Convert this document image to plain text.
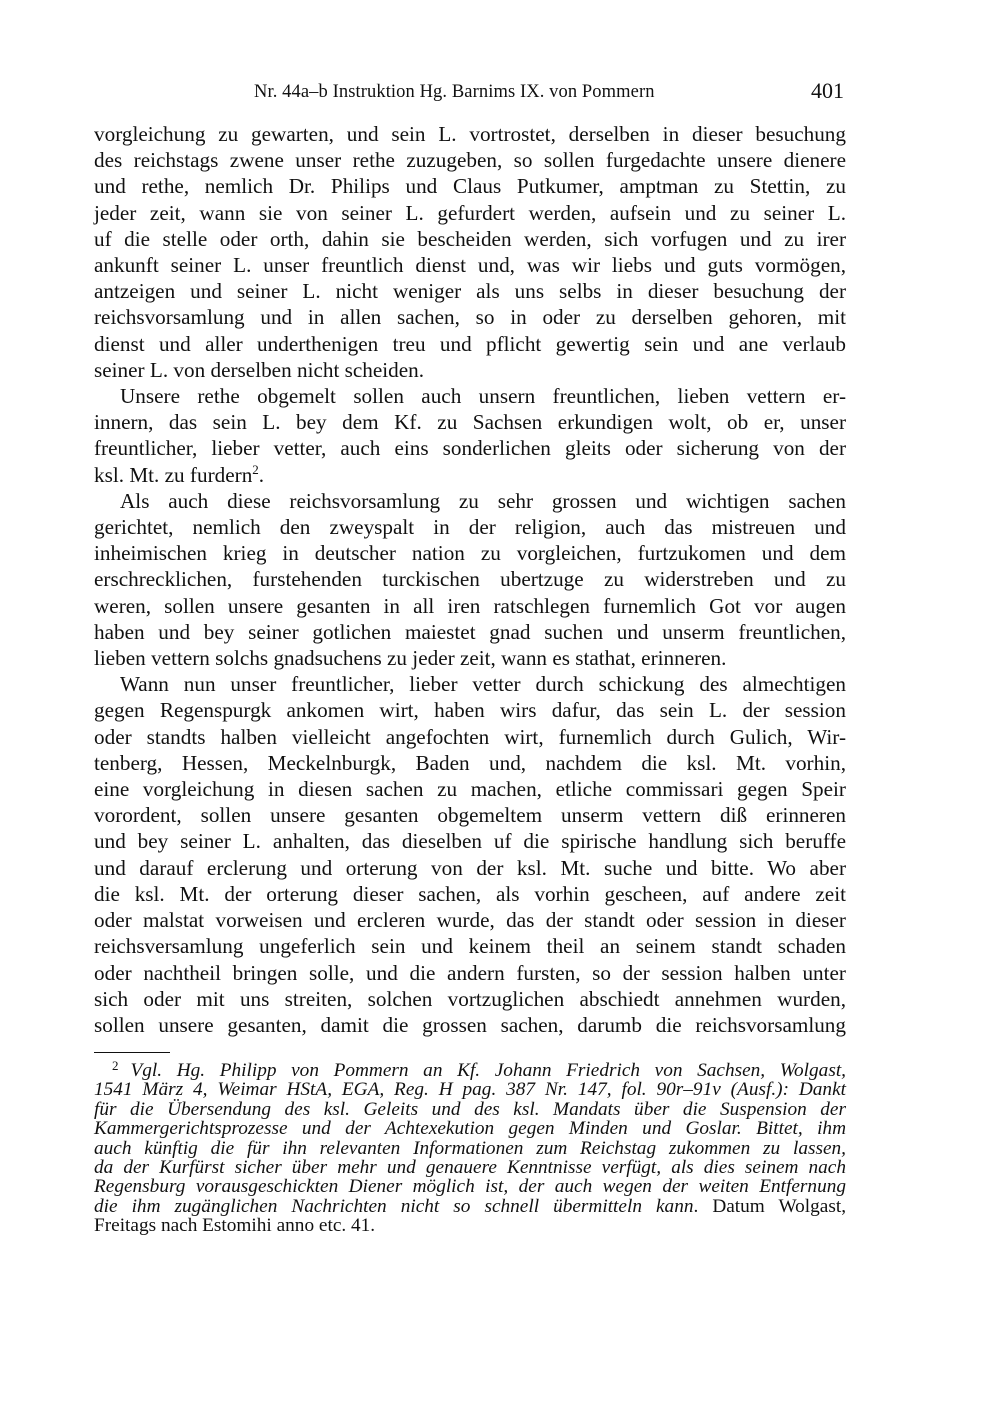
Nr. 44a–b Instruktion Hg. Barnims IX. von Pommern	401

vorgleichung zu gewarten, und sein L. vortrostet, derselben in dieser besuchung
des reichstags zwene unser rethe zuzugeben, so sollen furgedachte unsere dienere
und rethe, nemlich Dr. Philips und Claus Putkumer, amptman zu Stettin, zu
jeder zeit, wann sie von seiner L. gefurdert werden, aufsein und zu seiner L.
uf die stelle oder orth, dahin sie bescheiden werden, sich vorfugen und zu irer
ankunft seiner L. unser freuntlich dienst und, was wir liebs und guts vormögen,
antzeigen und seiner L. nicht weniger als uns selbs in dieser besuchung der
reichsvorsamlung und in allen sachen, so in oder zu derselben gehoren, mit
dienst und aller underthenigen treu und pflicht gewertig sein und ane verlaub
seiner L. von derselben nicht scheiden.

Unsere rethe obgemelt sollen auch unsern freuntlichen, lieben vettern er-
innern, das sein L. bey dem Kf. zu Sachsen erkundigen wolt, ob er, unser
freuntlicher, lieber vetter, auch eins sonderlichen gleits oder sicherung von der
ksl. Mt. zu furdern$^2$.

Als auch diese reichsvorsamlung zu sehr grossen und wichtigen sachen
gerichtet, nemlich den zweyspalt in der religion, auch das mistreuen und
inheimischen krieg in deutscher nation zu vorgleichen, furtzukomen und dem
erschrecklichen, furstehenden turckischen ubertzuge zu widerstreben und zu
weren, sollen unsere gesanten in all iren ratschlegen furnemlich Got vor augen
haben und bey seiner gotlichen maiestet gnad suchen und unserm freuntlichen,
lieben vettern solchs gnadsuchens zu jeder zeit, wann es stathat, erinneren.

Wann nun unser freuntlicher, lieber vetter durch schickung des almechtigen
gegen Regenspurgk ankomen wirt, haben wirs dafur, das sein L. der session
oder standts halben vielleicht angefochten wirt, furnemlich durch Gulich, Wir-
tenberg, Hessen, Meckelnburgk, Baden und, nachdem die ksl. Mt. vorhin,
eine vorgleichung in diesen sachen zu machen, etliche commissari gegen Speir
vorordent, sollen unsere gesanten obgemeltem unserm vettern diß erinneren
und bey seiner L. anhalten, das dieselben uf die spirische handlung sich beruffe
und darauf erclerung und orterung von der ksl. Mt. suche und bitte. Wo aber
die ksl. Mt. der orterung dieser sachen, als vorhin gescheen, auf andere zeit
oder malstat vorweisen und ercleren wurde, das der standt oder session in dieser
reichsversamlung ungeferlich sein und keinem theil an seinem standt schaden
oder nachtheil bringen solle, und die andern fursten, so der session halben unter
sich oder mit uns streiten, solchen vortzuglichen abschiedt annehmen wurden,
sollen unsere gesanten, damit die grossen sachen, darumb die reichsvorsamlung

$^2$ Vgl. Hg. Philipp von Pommern an Kf. Johann Friedrich von Sachsen, Wolgast,
1541 März 4, Weimar HStA, EGA, Reg. H pag. 387 Nr. 147, fol. 90r–91v (Ausf.): Dankt
für die Übersendung des ksl. Geleits und des ksl. Mandats über die Suspension der
Kammergerichtsprozesse und der Achtexekution gegen Minden und Goslar. Bittet, ihm
auch künftig die für ihn relevanten Informationen zum Reichstag zukommen zu lassen,
da der Kurfürst sicher über mehr und genauere Kenntnisse verfügt, als dies seinem nach
Regensburg vorausgeschickten Diener möglich ist, der auch wegen der weiten Entfernung
die ihm zugänglichen Nachrichten nicht so schnell übermitteln kann. Datum Wolgast,
Freitags nach Estomihi anno etc. 41.
